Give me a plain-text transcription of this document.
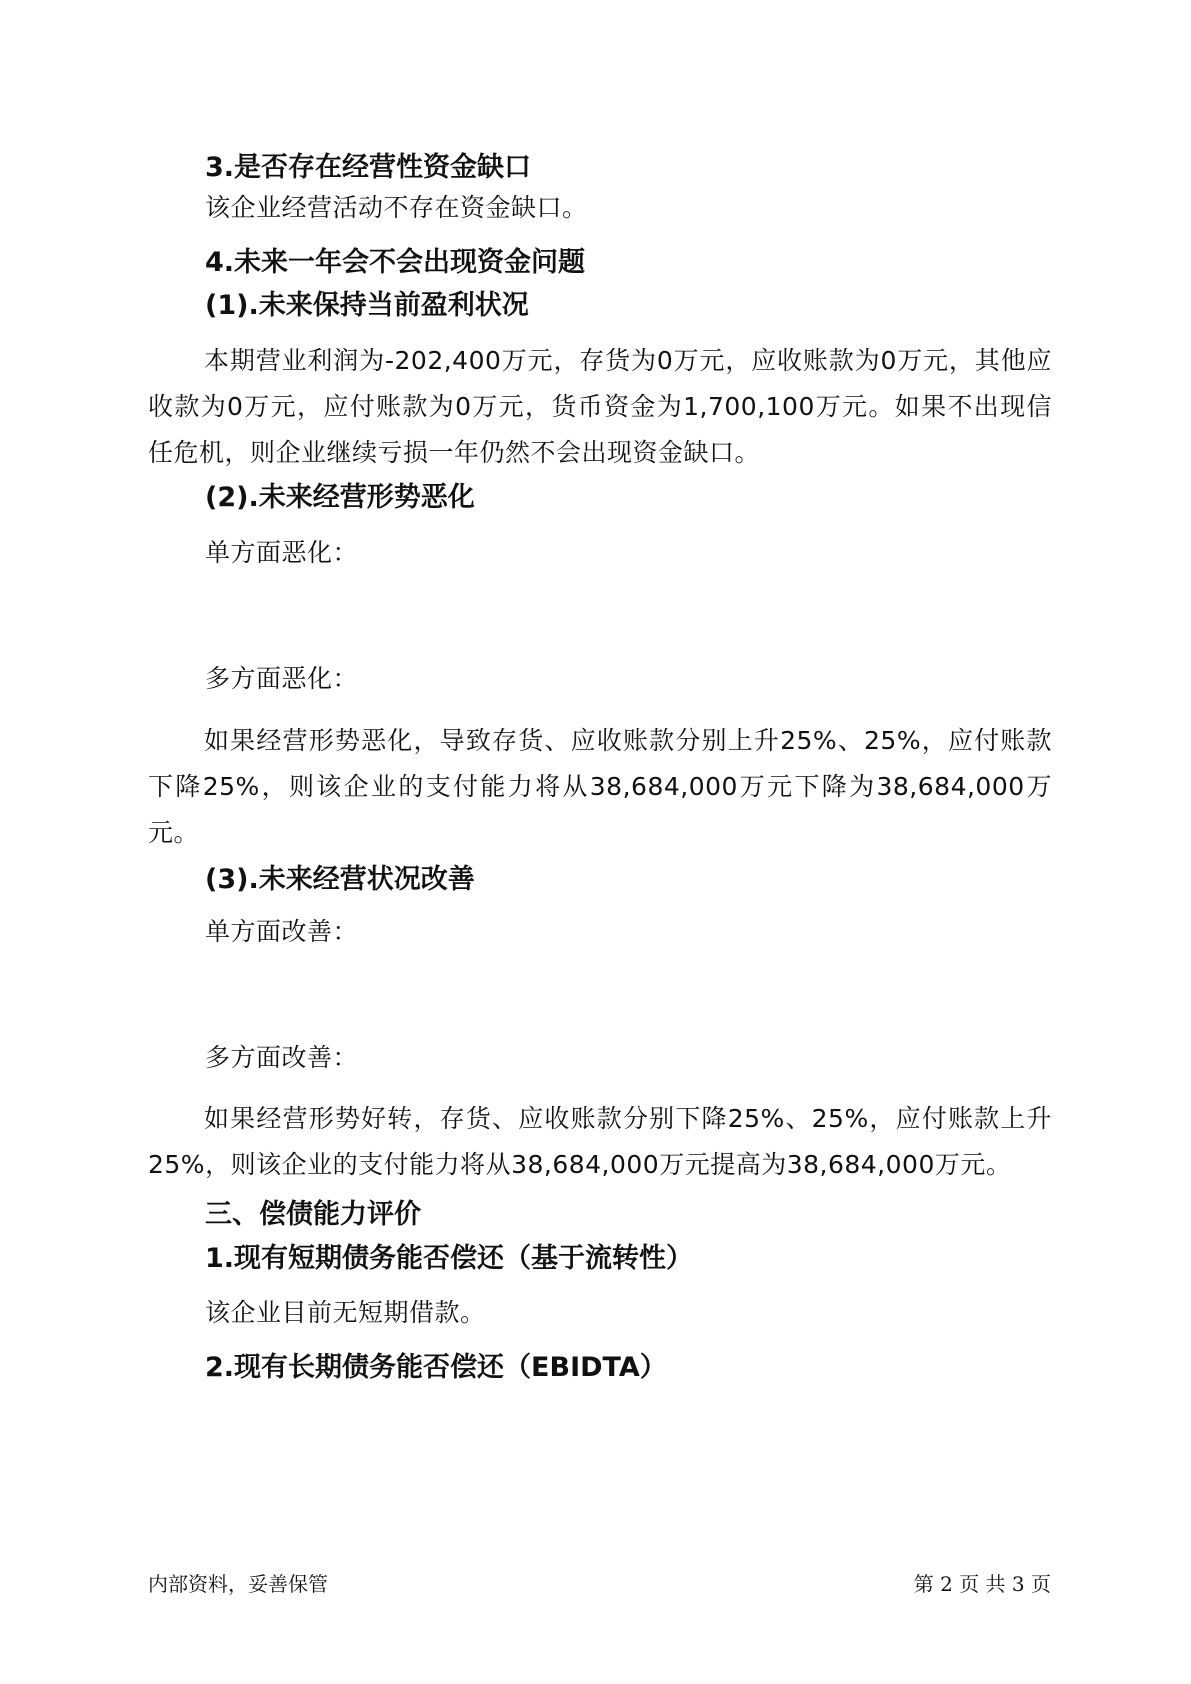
3.是否存在经营性资金缺口
该企业经营活动不存在资金缺口。
4.未来一年会不会出现资金问题
(1).未来保持当前盈利状况
本期营业利润为-202,400万元，存货为0万元，应收账款为0万元，其他应收款为0万元，应付账款为0万元，货币资金为1,700,100万元。如果不出现信任危机，则企业继续亏损一年仍然不会出现资金缺口。
(2).未来经营形势恶化
单方面恶化：
多方面恶化：
如果经营形势恶化，导致存货、应收账款分别上升25%、25%，应付账款下降25%，则该企业的支付能力将从38,684,000万元下降为38,684,000万元。
(3).未来经营状况改善
单方面改善：
多方面改善：
如果经营形势好转，存货、应收账款分别下降25%、25%，应付账款上升25%，则该企业的支付能力将从38,684,000万元提高为38,684,000万元。
三、偿债能力评价
1.现有短期债务能否偿还（基于流转性）
该企业目前无短期借款。
2.现有长期债务能否偿还（EBIDTA）
内部资料，妥善保管	第 2 页 共 3 页
